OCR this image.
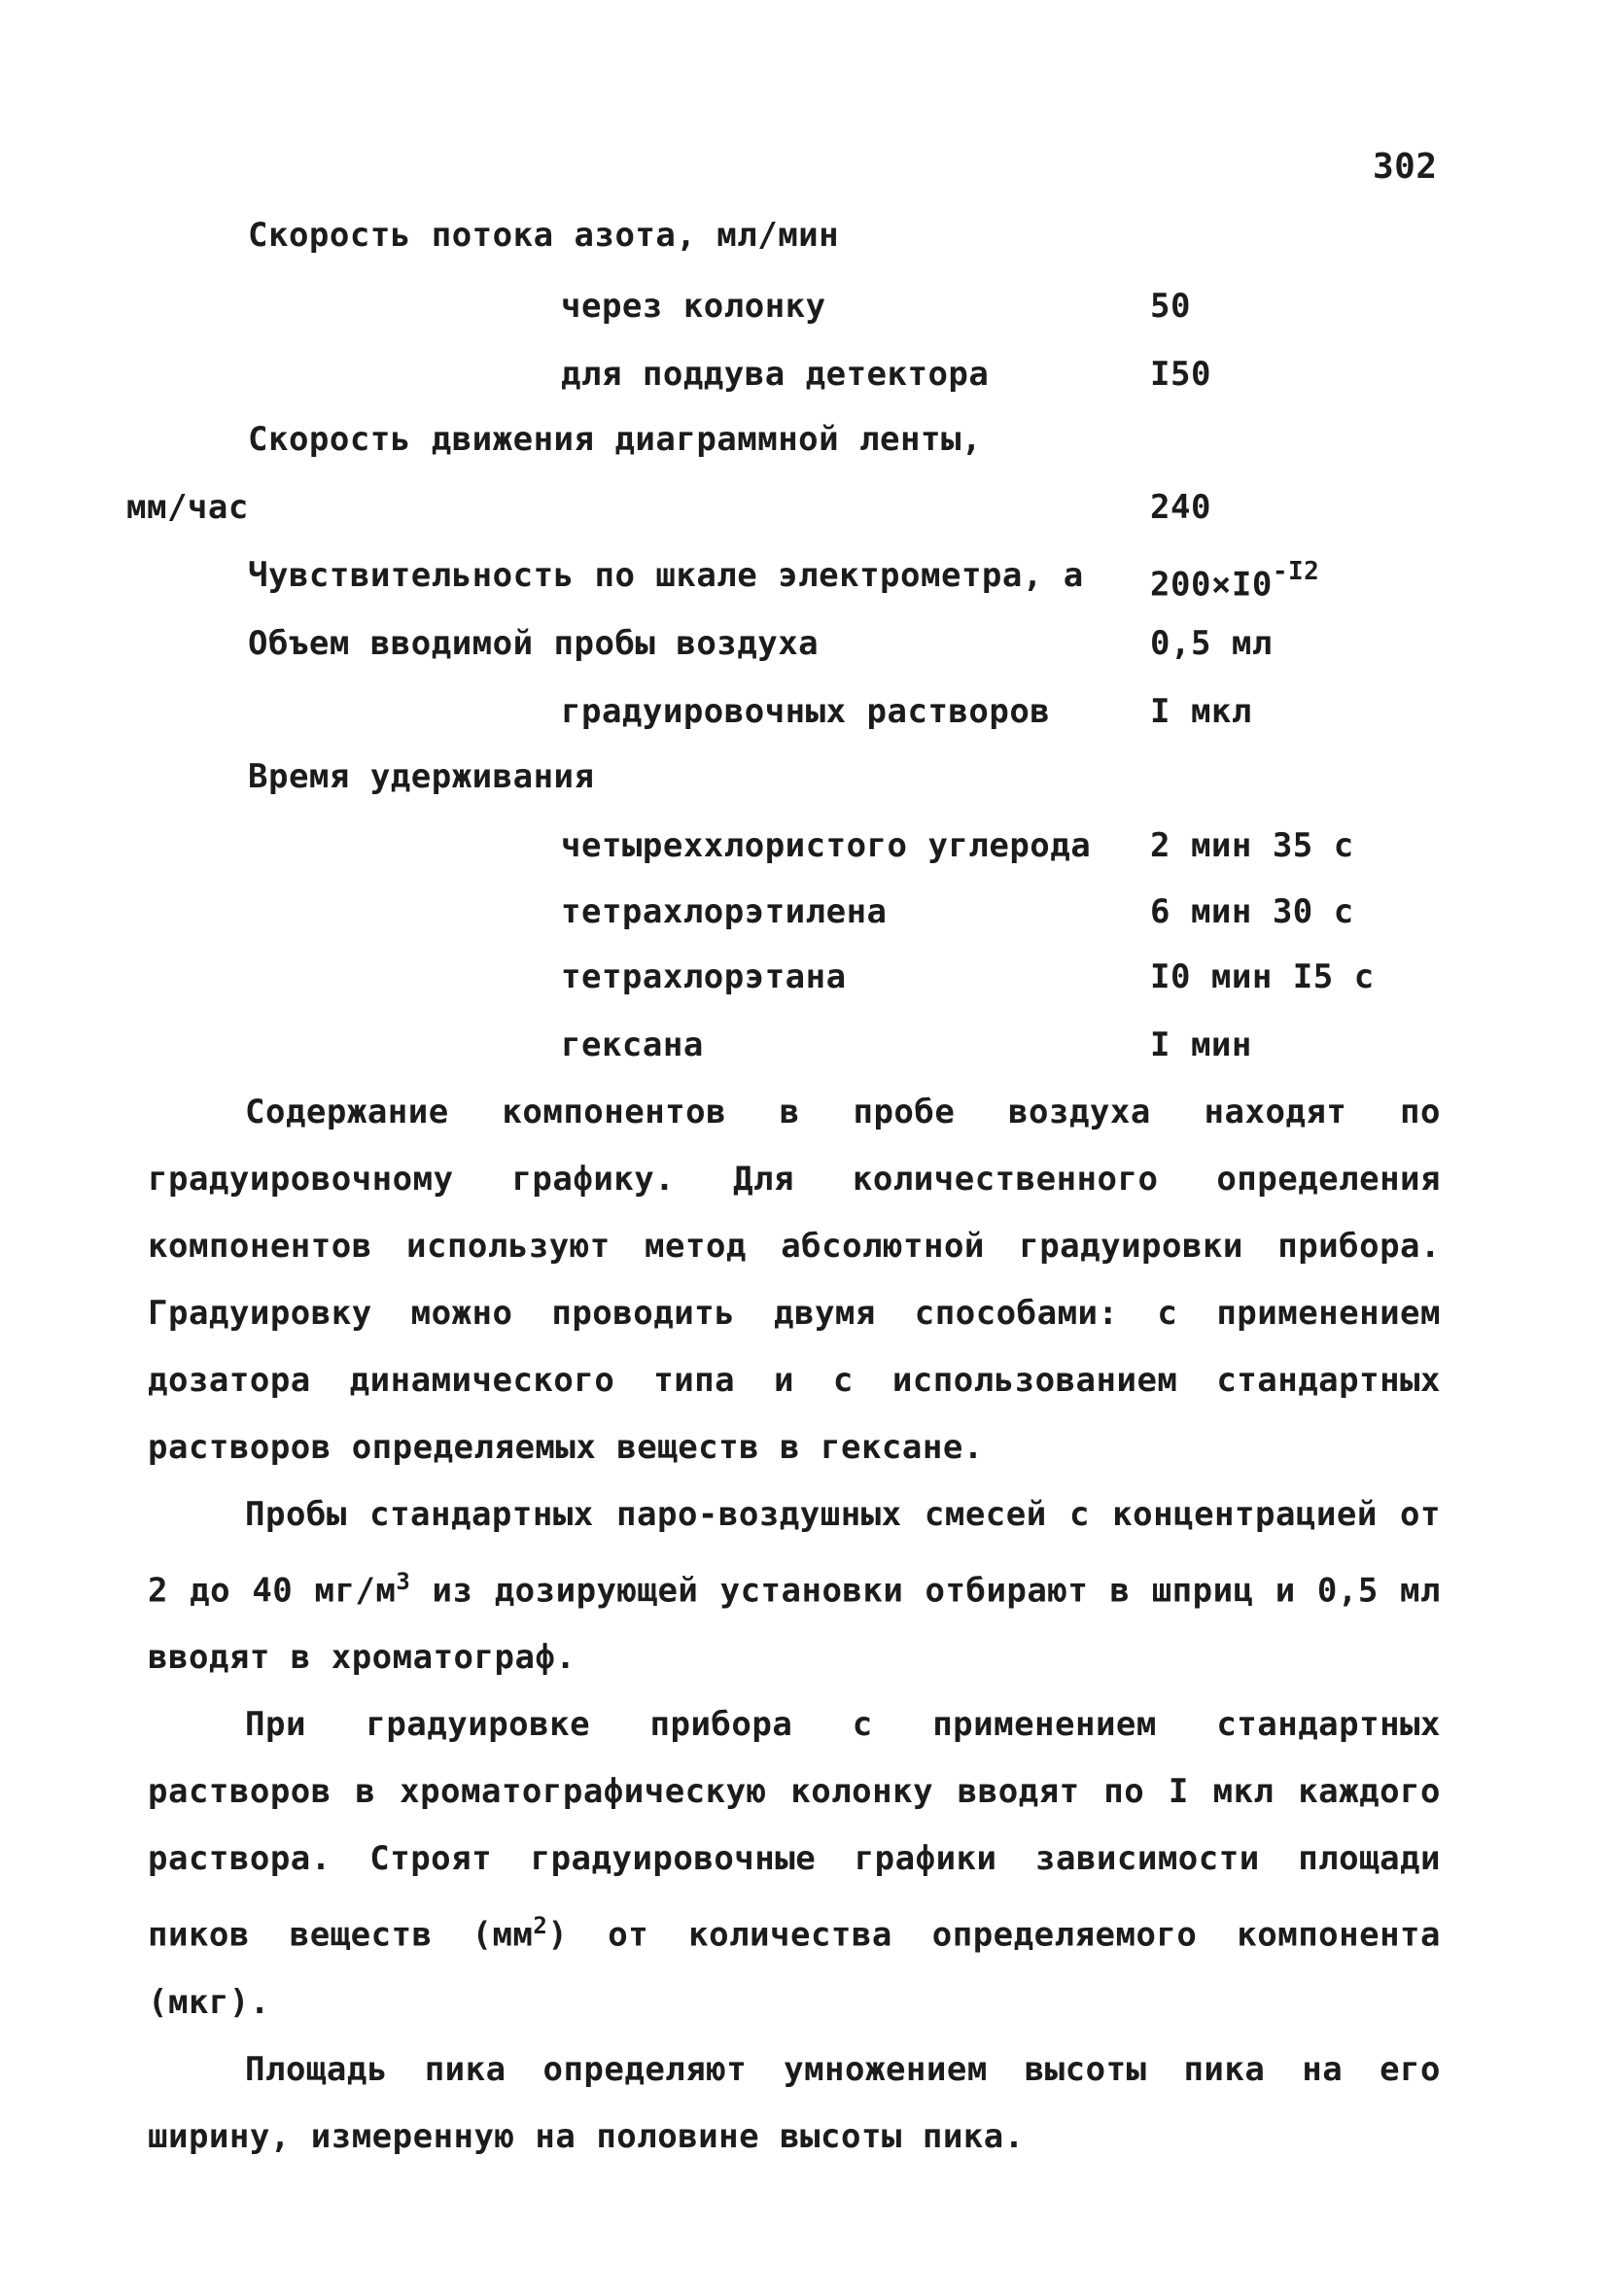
302
Скорость потока азота, мл/мин
через колонку	50
для поддува детектора	I50
Скорость движения диаграммной ленты,
мм/час	240
Чувствительность по шкале электрометра, а $200\times I0^{-I2}$
Объем вводимой пробы воздуха	0,5 мл
градуировочных растворов	I мкл
Время удерживания
четыреххлористого углерода 2 мин 35 с
тетрахлорэтилена	6 мин 30 с
тетрахлорэтана	I0 мин I5 с
гексана	I мин

Содержание компонентов в пробе воздуха находят по градуировочному графику. Для количественного определения компонентов используют метод абсолютной градуировки прибора. Градуировку можно проводить двумя способами: с применением дозатора динамического типа и с использованием стандартных растворов определяемых веществ в гексане.

Пробы стандартных паро-воздушных смесей с концентрацией от 2 до 40 $мг/м^3$ из дозирующей установки отбирают в шприц и 0,5 мл вводят в хроматограф.

При градуировке прибора с применением стандартных растворов в хроматографическую колонку вводят по I мкл каждого раствора. Строят градуировочные графики зависимости площади пиков веществ $(мм^2)$ от количества определяемого компонента (мкг).

Площадь пика определяют умножением высоты пика на его ширину, измеренную на половине высоты пика.
